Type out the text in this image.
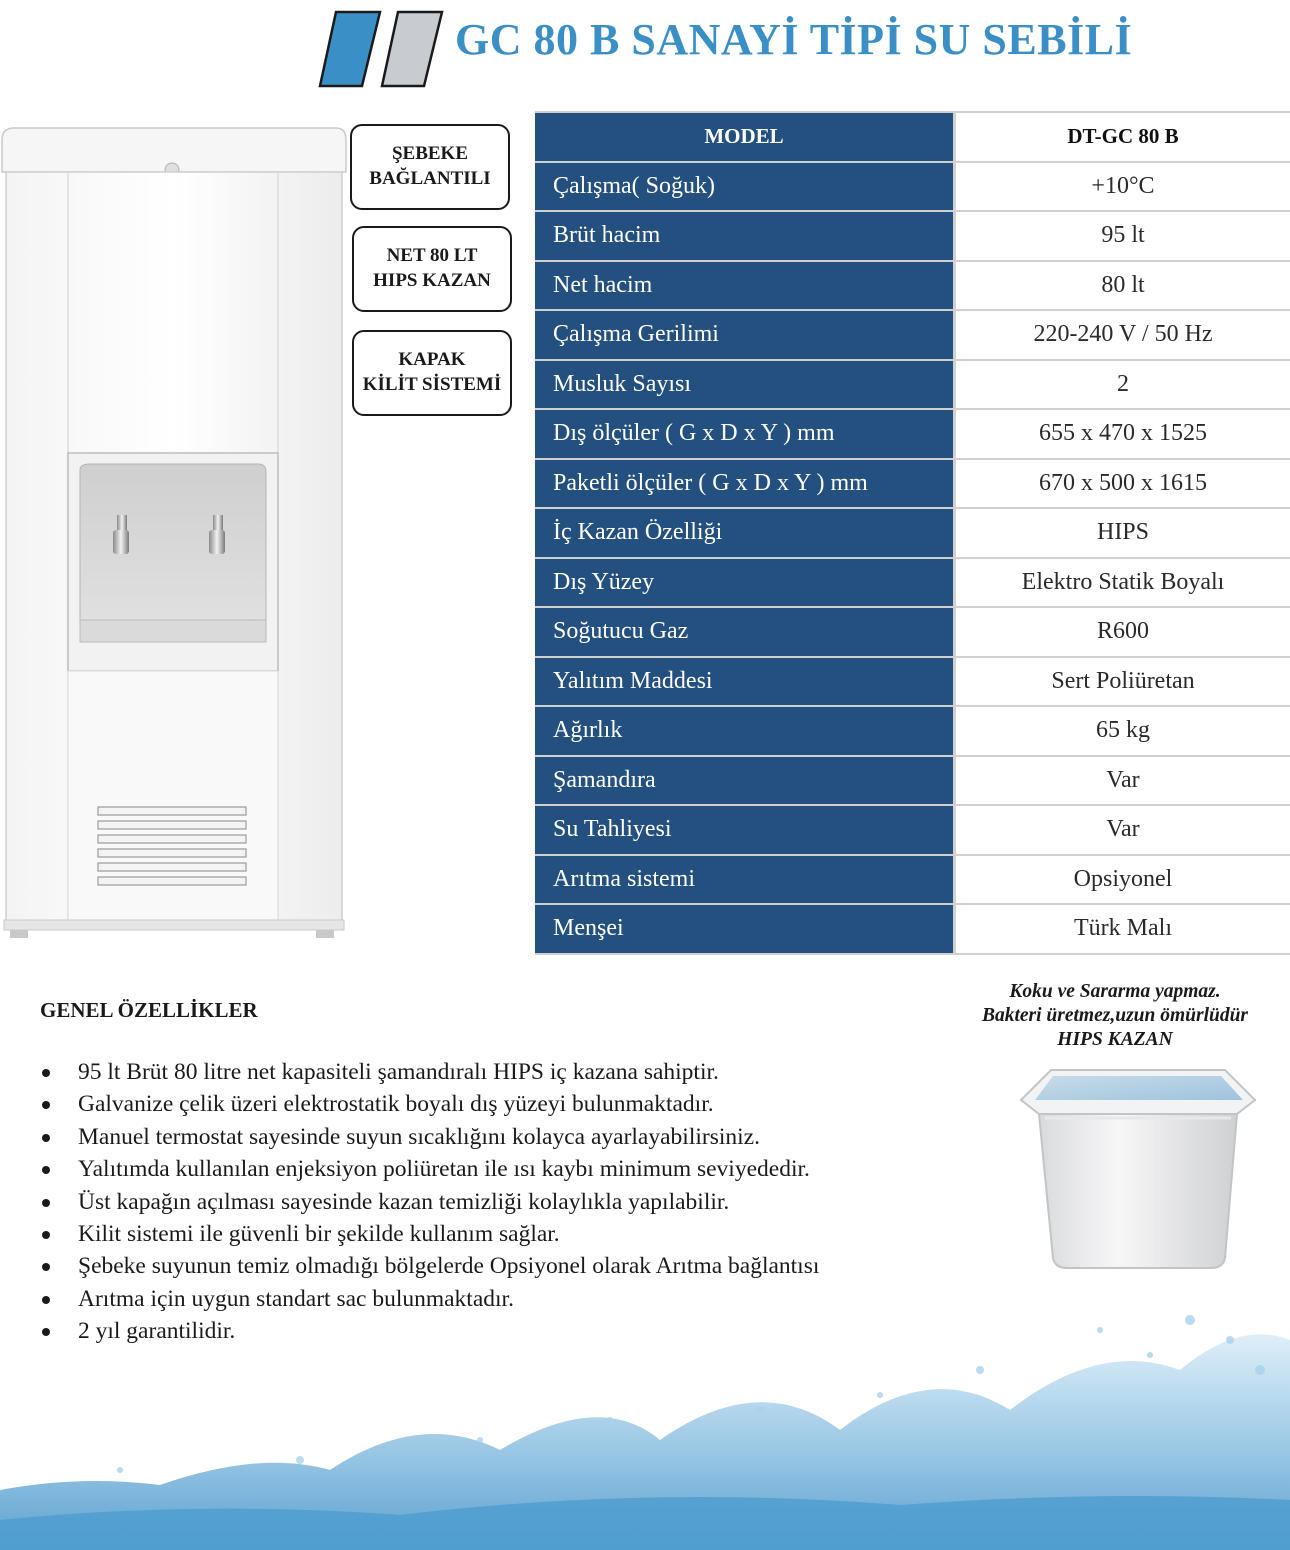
GC 80 B SANAYİ TİPİ SU SEBİLİ
ŞEBEKE
BAĞLANTILI
NET 80 LT
HIPS KAZAN
KAPAK
KİLİT SİSTEMİ
MODEL	DT-GC 80 B
Çalışma( Soğuk)	+10°C
Brüt hacim	95 lt
Net hacim	80 lt
Çalışma Gerilimi	220-240 V / 50 Hz
Musluk Sayısı	2
Dış ölçüler ( G x D x Y ) mm	655 x 470 x 1525
Paketli ölçüler ( G x D x Y ) mm	670 x 500 x 1615
İç Kazan Özelliği	HIPS
Dış Yüzey	Elektro Statik Boyalı
Soğutucu Gaz	R600
Yalıtım Maddesi	Sert Poliüretan
Ağırlık	65 kg
Şamandıra	Var
Su Tahliyesi	Var
Arıtma sistemi	Opsiyonel
Menşei	Türk Malı
GENEL ÖZELLİKLER
95 lt Brüt 80 litre net kapasiteli şamandıralı HIPS iç kazana sahiptir.
Galvanize çelik üzeri elektrostatik boyalı dış yüzeyi bulunmaktadır.
Manuel termostat sayesinde suyun sıcaklığını kolayca ayarlayabilirsiniz.
Yalıtımda kullanılan enjeksiyon poliüretan ile ısı kaybı minimum seviyededir.
Üst kapağın açılması sayesinde kazan temizliği kolaylıkla yapılabilir.
Kilit sistemi ile güvenli bir şekilde kullanım sağlar.
Şebeke suyunun temiz olmadığı bölgelerde Opsiyonel olarak Arıtma bağlantısı
Arıtma için uygun standart sac bulunmaktadır.
2 yıl garantilidir.
Koku ve Sararma yapmaz.
Bakteri üretmez,uzun ömürlüdür
HIPS KAZAN
